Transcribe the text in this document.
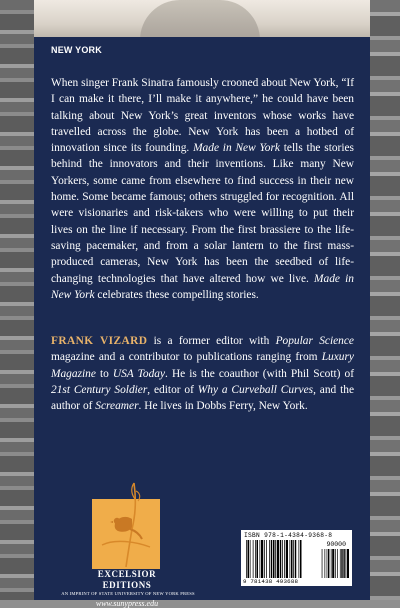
NEW YORK

When singer Frank Sinatra famously crooned about New York, “If I can make it there, I’ll make it anywhere,” he could have been talking about New York’s great inventors whose works have travelled across the globe. New York has been a hotbed of innovation since its founding. Made in New York tells the stories behind the innovators and their inventions. Like many New Yorkers, some came from elsewhere to find success in their new home. Some became famous; others struggled for recognition. All were visionaries and risk-takers who were willing to put their lives on the line if necessary. From the first brassiere to the life-saving pacemaker, and from a solar lantern to the first mass-produced cameras, New York has been the seedbed of life-changing technologies that have altered how we live. Made in New York celebrates these compelling stories.

FRANK VIZARD is a former editor with Popular Science magazine and a contributor to publications ranging from Luxury Magazine to USA Today. He is the coauthor (with Phil Scott) of 21st Century Soldier, editor of Why a Curveball Curves, and the author of Screamer. He lives in Dobbs Ferry, New York.

EXCELSIOR
EDITIONS
AN IMPRINT OF STATE UNIVERSITY OF NEW YORK PRESS
www.sunypress.edu
ISBN 978-1-4384-9368-8
90000
9 781438 493688
